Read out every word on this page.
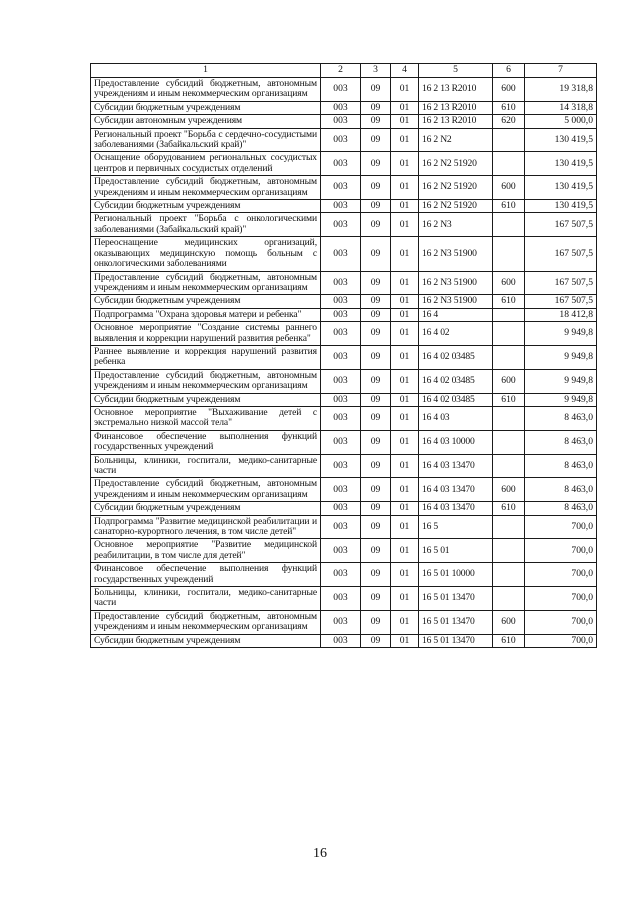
1	2	3	4	5	6	7
Предоставление субсидий бюджетным, автономным учреждениям и иным некоммерческим организациям	003	09	01	16 2 13 R2010	600	19 318,8
Субсидии бюджетным учреждениям	003	09	01	16 2 13 R2010	610	14 318,8
Субсидии автономным учреждениям	003	09	01	16 2 13 R2010	620	5 000,0
Региональный проект "Борьба с сердечно-сосудистыми заболеваниями (Забайкальский край)"	003	09	01	16 2 N2		130 419,5
Оснащение оборудованием региональных сосудистых центров и первичных сосудистых отделений	003	09	01	16 2 N2 51920		130 419,5
Предоставление субсидий бюджетным, автономным учреждениям и иным некоммерческим организациям	003	09	01	16 2 N2 51920	600	130 419,5
Субсидии бюджетным учреждениям	003	09	01	16 2 N2 51920	610	130 419,5
Региональный проект "Борьба с онкологическими заболеваниями (Забайкальский край)"	003	09	01	16 2 N3		167 507,5
Переоснащение медицинских организаций, оказывающих медицинскую помощь больным с онкологическими заболеваниями	003	09	01	16 2 N3 51900		167 507,5
Предоставление субсидий бюджетным, автономным учреждениям и иным некоммерческим организациям	003	09	01	16 2 N3 51900	600	167 507,5
Субсидии бюджетным учреждениям	003	09	01	16 2 N3 51900	610	167 507,5
Подпрограмма "Охрана здоровья матери и ребенка"	003	09	01	16 4		18 412,8
Основное мероприятие "Создание системы раннего выявления и коррекции нарушений развития ребенка"	003	09	01	16 4 02		9 949,8
Раннее выявление и коррекция нарушений развития ребенка	003	09	01	16 4 02 03485		9 949,8
Предоставление субсидий бюджетным, автономным учреждениям и иным некоммерческим организациям	003	09	01	16 4 02 03485	600	9 949,8
Субсидии бюджетным учреждениям	003	09	01	16 4 02 03485	610	9 949,8
Основное мероприятие "Выхаживание детей с экстремально низкой массой тела"	003	09	01	16 4 03		8 463,0
Финансовое обеспечение выполнения функций государственных учреждений	003	09	01	16 4 03 10000		8 463,0
Больницы, клиники, госпитали, медико-санитарные части	003	09	01	16 4 03 13470		8 463,0
Предоставление субсидий бюджетным, автономным учреждениям и иным некоммерческим организациям	003	09	01	16 4 03 13470	600	8 463,0
Субсидии бюджетным учреждениям	003	09	01	16 4 03 13470	610	8 463,0
Подпрограмма "Развитие медицинской реабилитации и санаторно-курортного лечения, в том числе детей"	003	09	01	16 5		700,0
Основное мероприятие "Развитие медицинской реабилитации, в том числе для детей"	003	09	01	16 5 01		700,0
Финансовое обеспечение выполнения функций государственных учреждений	003	09	01	16 5 01 10000		700,0
Больницы, клиники, госпитали, медико-санитарные части	003	09	01	16 5 01 13470		700,0
Предоставление субсидий бюджетным, автономным учреждениям и иным некоммерческим организациям	003	09	01	16 5 01 13470	600	700,0
Субсидии бюджетным учреждениям	003	09	01	16 5 01 13470	610	700,0
16
